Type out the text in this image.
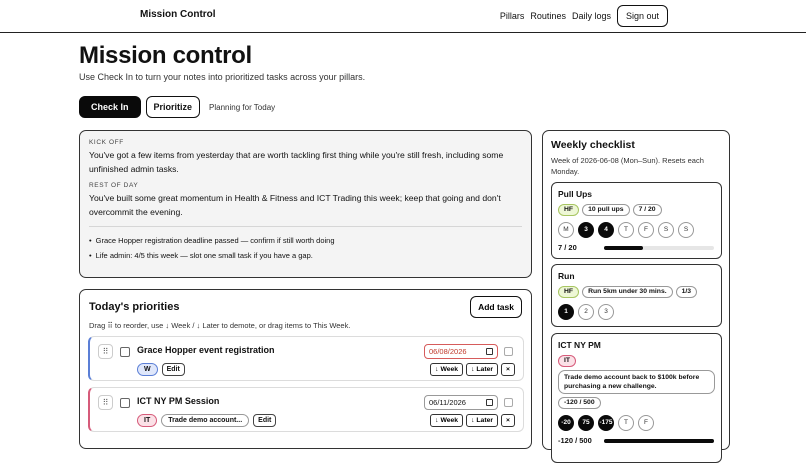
Mission Control	Pillars Routines Daily logs	Sign out
Mission control
Use Check In to turn your notes into prioritized tasks across your pillars.
Check In	Prioritize	Planning for Today
KICK OFF
You've got a few items from yesterday that are worth tackling first thing while you're still fresh, including some unfinished admin tasks.
REST OF DAY
You've built some great momentum in Health & Fitness and ICT Trading this week; keep that going and don't overcommit the evening.
• Grace Hopper registration deadline passed — confirm if still worth doing
• Life admin: 4/5 this week — slot one small task if you have a gap.
Today's priorities	Add task
Drag ⠿ to reorder, use ↓ Week / ↓ Later to demote, or drag items to This Week.
⠿	Grace Hopper event registration	06/08/2026
W	Edit	↓ Week	↓ Later	×
⠿	ICT NY PM Session	06/11/2026
IT	Trade demo account...	Edit	↓ Week	↓ Later	×
Weekly checklist
Week of 2026-06-08 (Mon–Sun). Resets each Monday.
Pull Ups
HF	10 pull ups	7 / 20
M	3	4	T	F	S	S
7 / 20
Run
HF	Run 5km under 30 mins.	1/3
1	2	3
ICT NY PM
IT
Trade demo account back to $100k before purchasing a new challenge.
-120 / 500
-20	75	-175	T	F
-120 / 500
